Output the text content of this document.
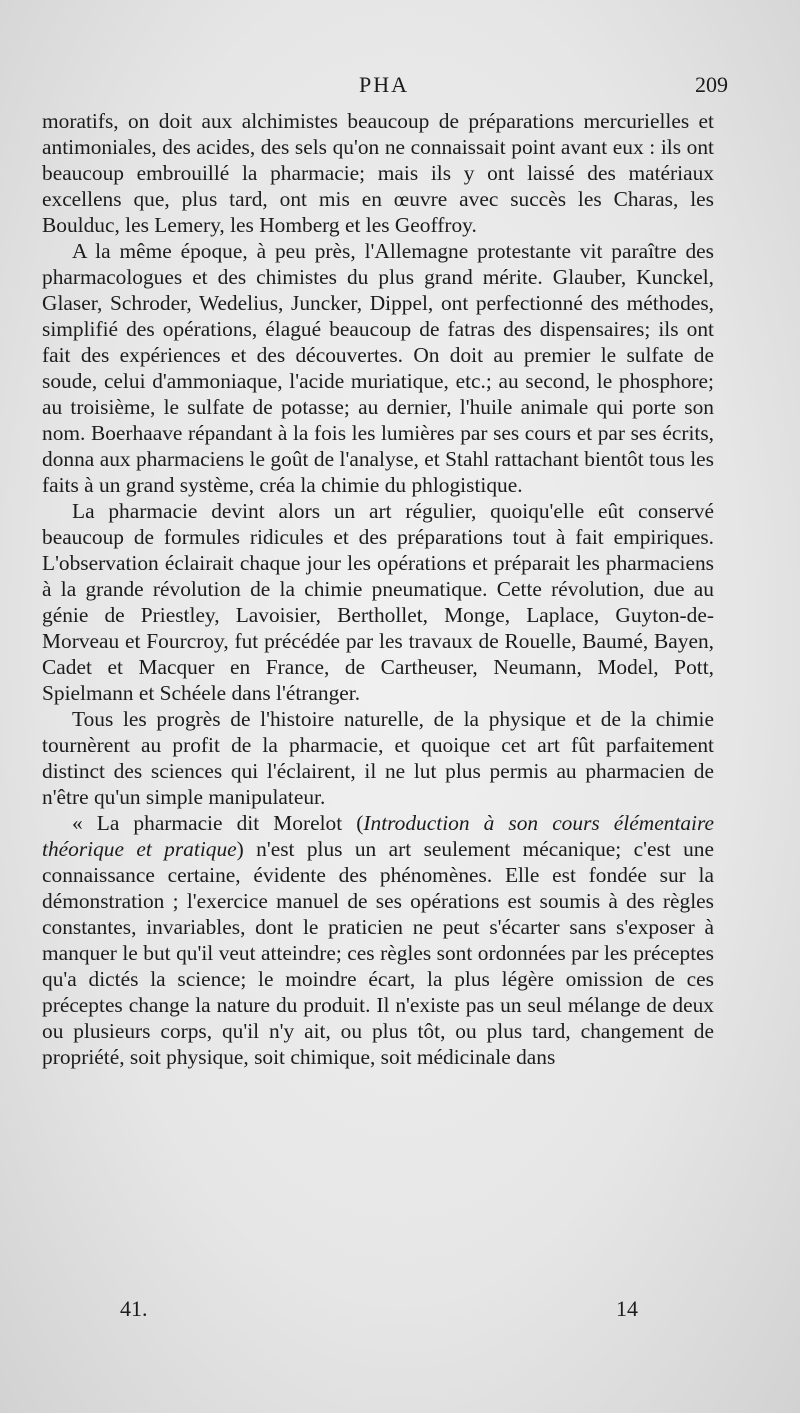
PHA	209

moratifs, on doit aux alchimistes beaucoup de préparations mercurielles et antimoniales, des acides, des sels qu'on ne connaissait point avant eux : ils ont beaucoup embrouillé la pharmacie; mais ils y ont laissé des matériaux excellens que, plus tard, ont mis en œuvre avec succès les Charas, les Boulduc, les Lemery, les Homberg et les Geoffroy.

A la même époque, à peu près, l'Allemagne protestante vit paraître des pharmacologues et des chimistes du plus grand mérite. Glauber, Kunckel, Glaser, Schroder, Wedelius, Juncker, Dippel, ont perfectionné des méthodes, simplifié des opérations, élagué beaucoup de fatras des dispensaires; ils ont fait des expériences et des découvertes. On doit au premier le sulfate de soude, celui d'ammoniaque, l'acide muriatique, etc.; au second, le phosphore; au troisième, le sulfate de potasse; au dernier, l'huile animale qui porte son nom. Boerhaave répandant à la fois les lumières par ses cours et par ses écrits, donna aux pharmaciens le goût de l'analyse, et Stahl rattachant bientôt tous les faits à un grand système, créa la chimie du phlogistique.

La pharmacie devint alors un art régulier, quoiqu'elle eût conservé beaucoup de formules ridicules et des préparations tout à fait empiriques. L'observation éclairait chaque jour les opérations et préparait les pharmaciens à la grande révolution de la chimie pneumatique. Cette révolution, due au génie de Priestley, Lavoisier, Berthollet, Monge, Laplace, Guyton-de-Morveau et Fourcroy, fut précédée par les travaux de Rouelle, Baumé, Bayen, Cadet et Macquer en France, de Cartheuser, Neumann, Model, Pott, Spielmann et Schéele dans l'étranger.

Tous les progrès de l'histoire naturelle, de la physique et de la chimie tournèrent au profit de la pharmacie, et quoique cet art fût parfaitement distinct des sciences qui l'éclairent, il ne lut plus permis au pharmacien de n'être qu'un simple manipulateur.

« La pharmacie dit Morelot (Introduction à son cours élémentaire théorique et pratique) n'est plus un art seulement mécanique; c'est une connaissance certaine, évidente des phénomènes. Elle est fondée sur la démonstration ; l'exercice manuel de ses opérations est soumis à des règles constantes, invariables, dont le praticien ne peut s'écarter sans s'exposer à manquer le but qu'il veut atteindre; ces règles sont ordonnées par les préceptes qu'a dictés la science; le moindre écart, la plus légère omission de ces préceptes change la nature du produit. Il n'existe pas un seul mélange de deux ou plusieurs corps, qu'il n'y ait, ou plus tôt, ou plus tard, changement de propriété, soit physique, soit chimique, soit médicinale dans

41.	14
